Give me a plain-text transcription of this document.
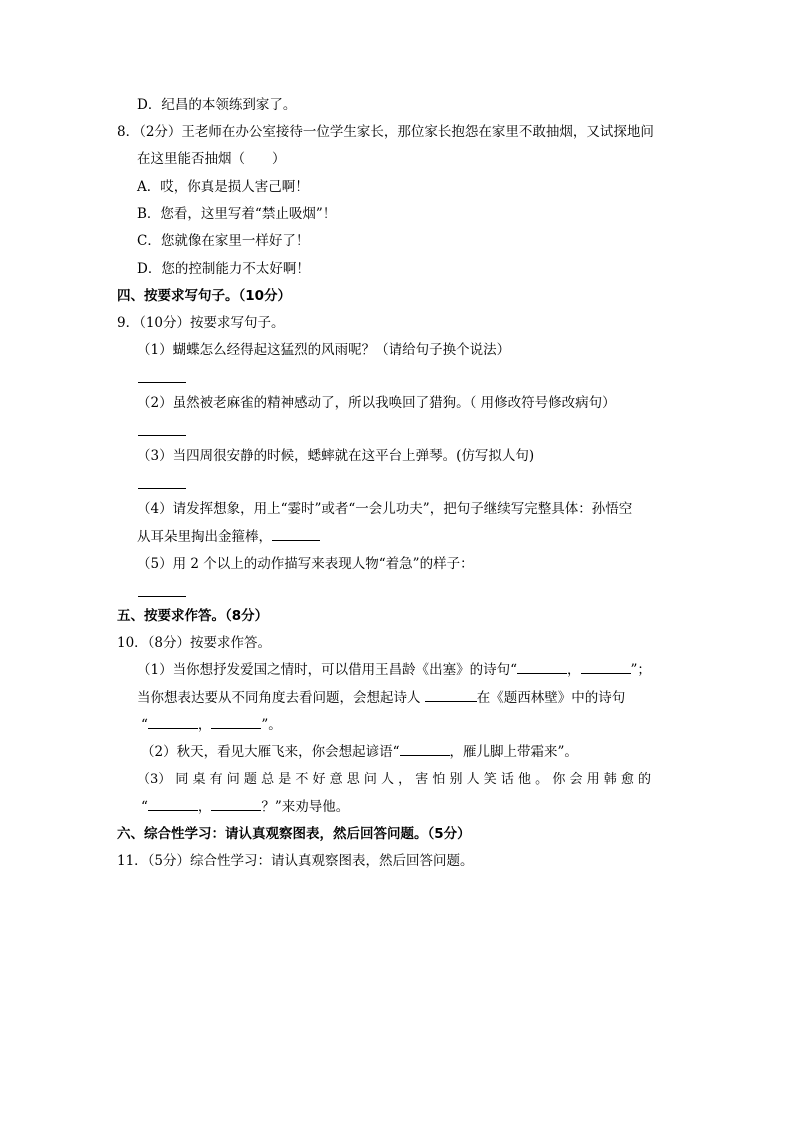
D．纪昌的本领练到家了。
8．（2分）王老师在办公室接待一位学生家长，那位家长抱怨在家里不敢抽烟，又试探地问
在这里能否抽烟（　　）
A．哎，你真是损人害己啊！
B．您看，这里写着“禁止吸烟”！
C．您就像在家里一样好了！
D．您的控制能力不太好啊！
四、按要求写句子。（10分）
9．（10分）按要求写句子。
（1）蝴蝶怎么经得起这猛烈的风雨呢？（请给句子换个说法）
（2）虽然被老麻雀的精神感动了，所以我唤回了猎狗。（ 用修改符号修改病句）
（3）当四周很安静的时候，蟋蟀就在这平台上弹琴。(仿写拟人句)
（4）请发挥想象，用上“霎时”或者“一会儿功夫”，把句子继续写完整具体：孙悟空
从耳朵里掏出金箍棒，
（5）用 2 个以上的动作描写来表现人物“着急”的样子：
五、按要求作答。（8分）
10．（8分）按要求作答。
（1）当你想抒发爱国之情时，可以借用王昌龄《出塞》的诗句“	，	”；
当你想表达要从不同角度去看问题，会想起诗人	在《题西林壁》中的诗句
“	，	”。
（2）秋天，看见大雁飞来，你会想起谚语“	，雁儿脚上带霜来”。
（3） 同 桌 有 问 题 总 是 不 好 意 思 问 人 ， 害 怕 别 人 笑 话 他 。 你 会 用 韩 愈 的
“	，	？”来劝导他。
六、综合性学习：请认真观察图表，然后回答问题。（5分）
11．（5分）综合性学习：请认真观察图表，然后回答问题。
